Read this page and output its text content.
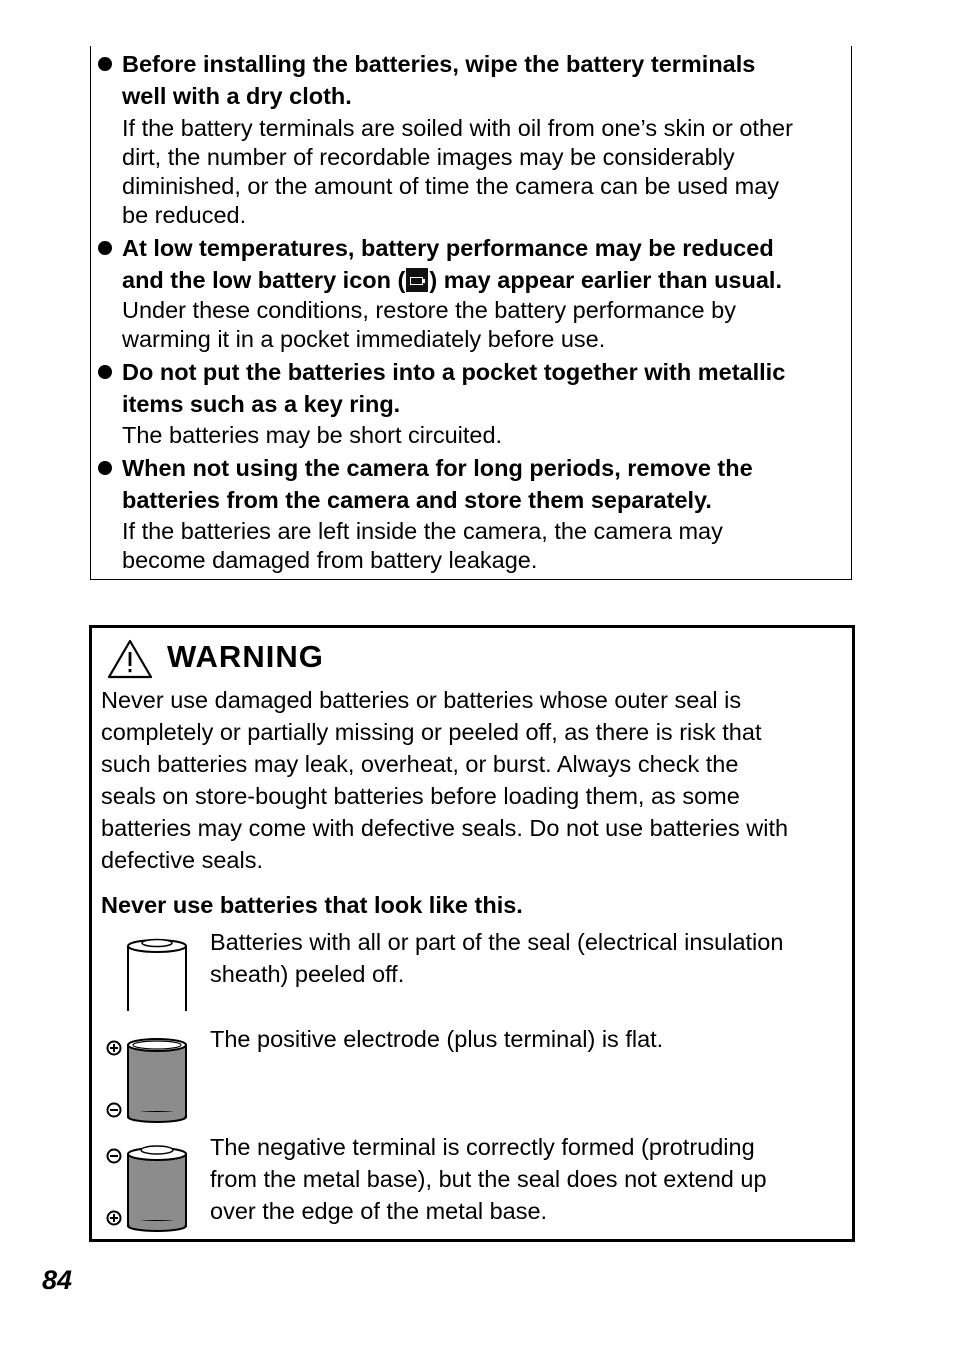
Before installing the batteries, wipe the battery terminals
well with a dry cloth.
If the battery terminals are soiled with oil from one’s skin or other
dirt, the number of recordable images may be considerably
diminished, or the amount of time the camera can be used may
be reduced.
At low temperatures, battery performance may be reduced
and the low battery icon ( ) may appear earlier than usual.
Under these conditions, restore the battery performance by
warming it in a pocket immediately before use.
Do not put the batteries into a pocket together with metallic
items such as a key ring.
The batteries may be short circuited.
When not using the camera for long periods, remove the
batteries from the camera and store them separately.
If the batteries are left inside the camera, the camera may
become damaged from battery leakage.
WARNING
Never use damaged batteries or batteries whose outer seal is
completely or partially missing or peeled off, as there is risk that
such batteries may leak, overheat, or burst. Always check the
seals on store-bought batteries before loading them, as some
batteries may come with defective seals. Do not use batteries with
defective seals.
Never use batteries that look like this.
Batteries with all or part of the seal (electrical insulation
sheath) peeled off.
The positive electrode (plus terminal) is flat.
The negative terminal is correctly formed (protruding
from the metal base), but the seal does not extend up
over the edge of the metal base.
84
